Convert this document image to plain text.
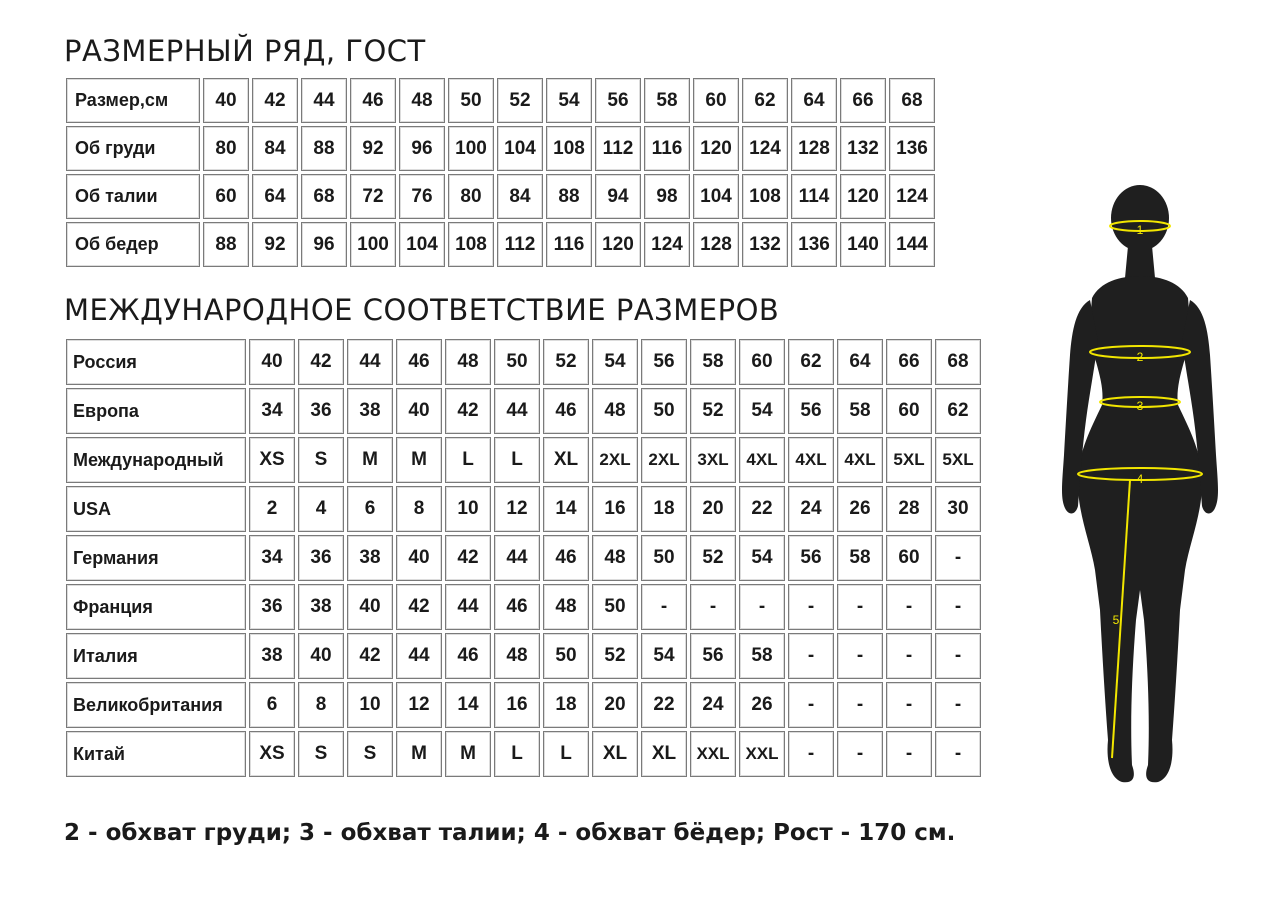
РАЗМЕРНЫЙ РЯД, ГОСТ
Размер,см	40	42	44	46	48	50	52	54	56	58	60	62	64	66	68
Об груди	80	84	88	92	96	100	104	108	112	116	120	124	128	132	136
Об талии	60	64	68	72	76	80	84	88	94	98	104	108	114	120	124
Об бедер	88	92	96	100	104	108	112	116	120	124	128	132	136	140	144
МЕЖДУНАРОДНОЕ СООТВЕТСТВИЕ РАЗМЕРОВ
Россия	40	42	44	46	48	50	52	54	56	58	60	62	64	66	68
Европа	34	36	38	40	42	44	46	48	50	52	54	56	58	60	62
Международный	XS	S	M	M	L	L	XL	2XL	2XL	3XL	4XL	4XL	4XL	5XL	5XL
USA	2	4	6	8	10	12	14	16	18	20	22	24	26	28	30
Германия	34	36	38	40	42	44	46	48	50	52	54	56	58	60	-
Франция	36	38	40	42	44	46	48	50	-	-	-	-	-	-	-
Италия	38	40	42	44	46	48	50	52	54	56	58	-	-	-	-
Великобритания	6	8	10	12	14	16	18	20	22	24	26	-	-	-	-
Китай	XS	S	S	M	M	L	L	XL	XL	XXL	XXL	-	-	-	-

2 - обхват груди; 3 - обхват талии; 4 - обхват бёдер; Рост - 170 см.

1
2
3
4
5
